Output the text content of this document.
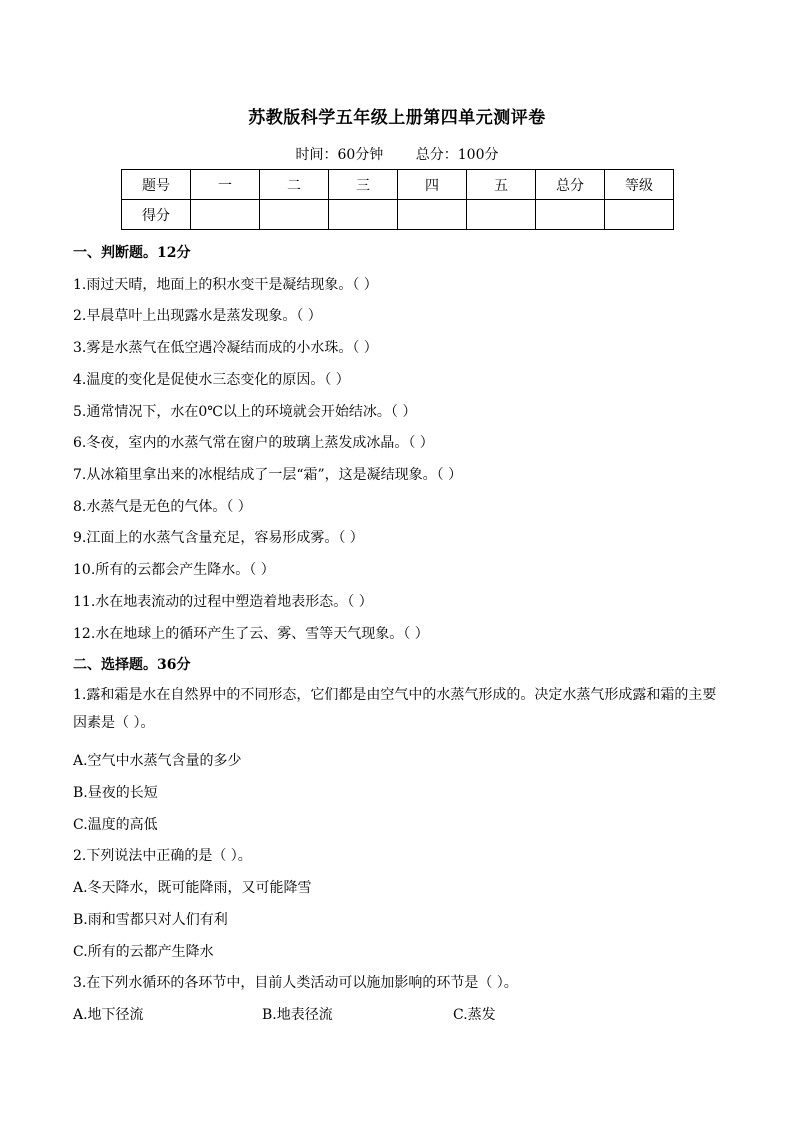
苏教版科学五年级上册第四单元测评卷
时间：60分钟 总分：100分
题号	一	二	三	四	五	总分	等级
得分							
一、判断题。12分
1.雨过天晴，地面上的积水变干是凝结现象。（ ）
2.早晨草叶上出现露水是蒸发现象。（ ）
3.雾是水蒸气在低空遇冷凝结而成的小水珠。（ ）
4.温度的变化是促使水三态变化的原因。（ ）
5.通常情况下，水在0℃以上的环境就会开始结冰。（ ）
6.冬夜，室内的水蒸气常在窗户的玻璃上蒸发成冰晶。（ ）
7.从冰箱里拿出来的冰棍结成了一层“霜”，这是凝结现象。（ ）
8.水蒸气是无色的气体。（ ）
9.江面上的水蒸气含量充足，容易形成雾。（ ）
10.所有的云都会产生降水。（ ）
11.水在地表流动的过程中塑造着地表形态。（ ）
12.水在地球上的循环产生了云、雾、雪等天气现象。（ ）
二、选择题。36分
1.露和霜是水在自然界中的不同形态，它们都是由空气中的水蒸气形成的。决定水蒸气形成露和霜的主要因素是（ ）。
A.空气中水蒸气含量的多少
B.昼夜的长短
C.温度的高低
2.下列说法中正确的是（ ）。
A.冬天降水，既可能降雨，又可能降雪
B.雨和雪都只对人们有利
C.所有的云都产生降水
3.在下列水循环的各环节中，目前人类活动可以施加影响的环节是（ ）。
A.地下径流	B.地表径流	C.蒸发
